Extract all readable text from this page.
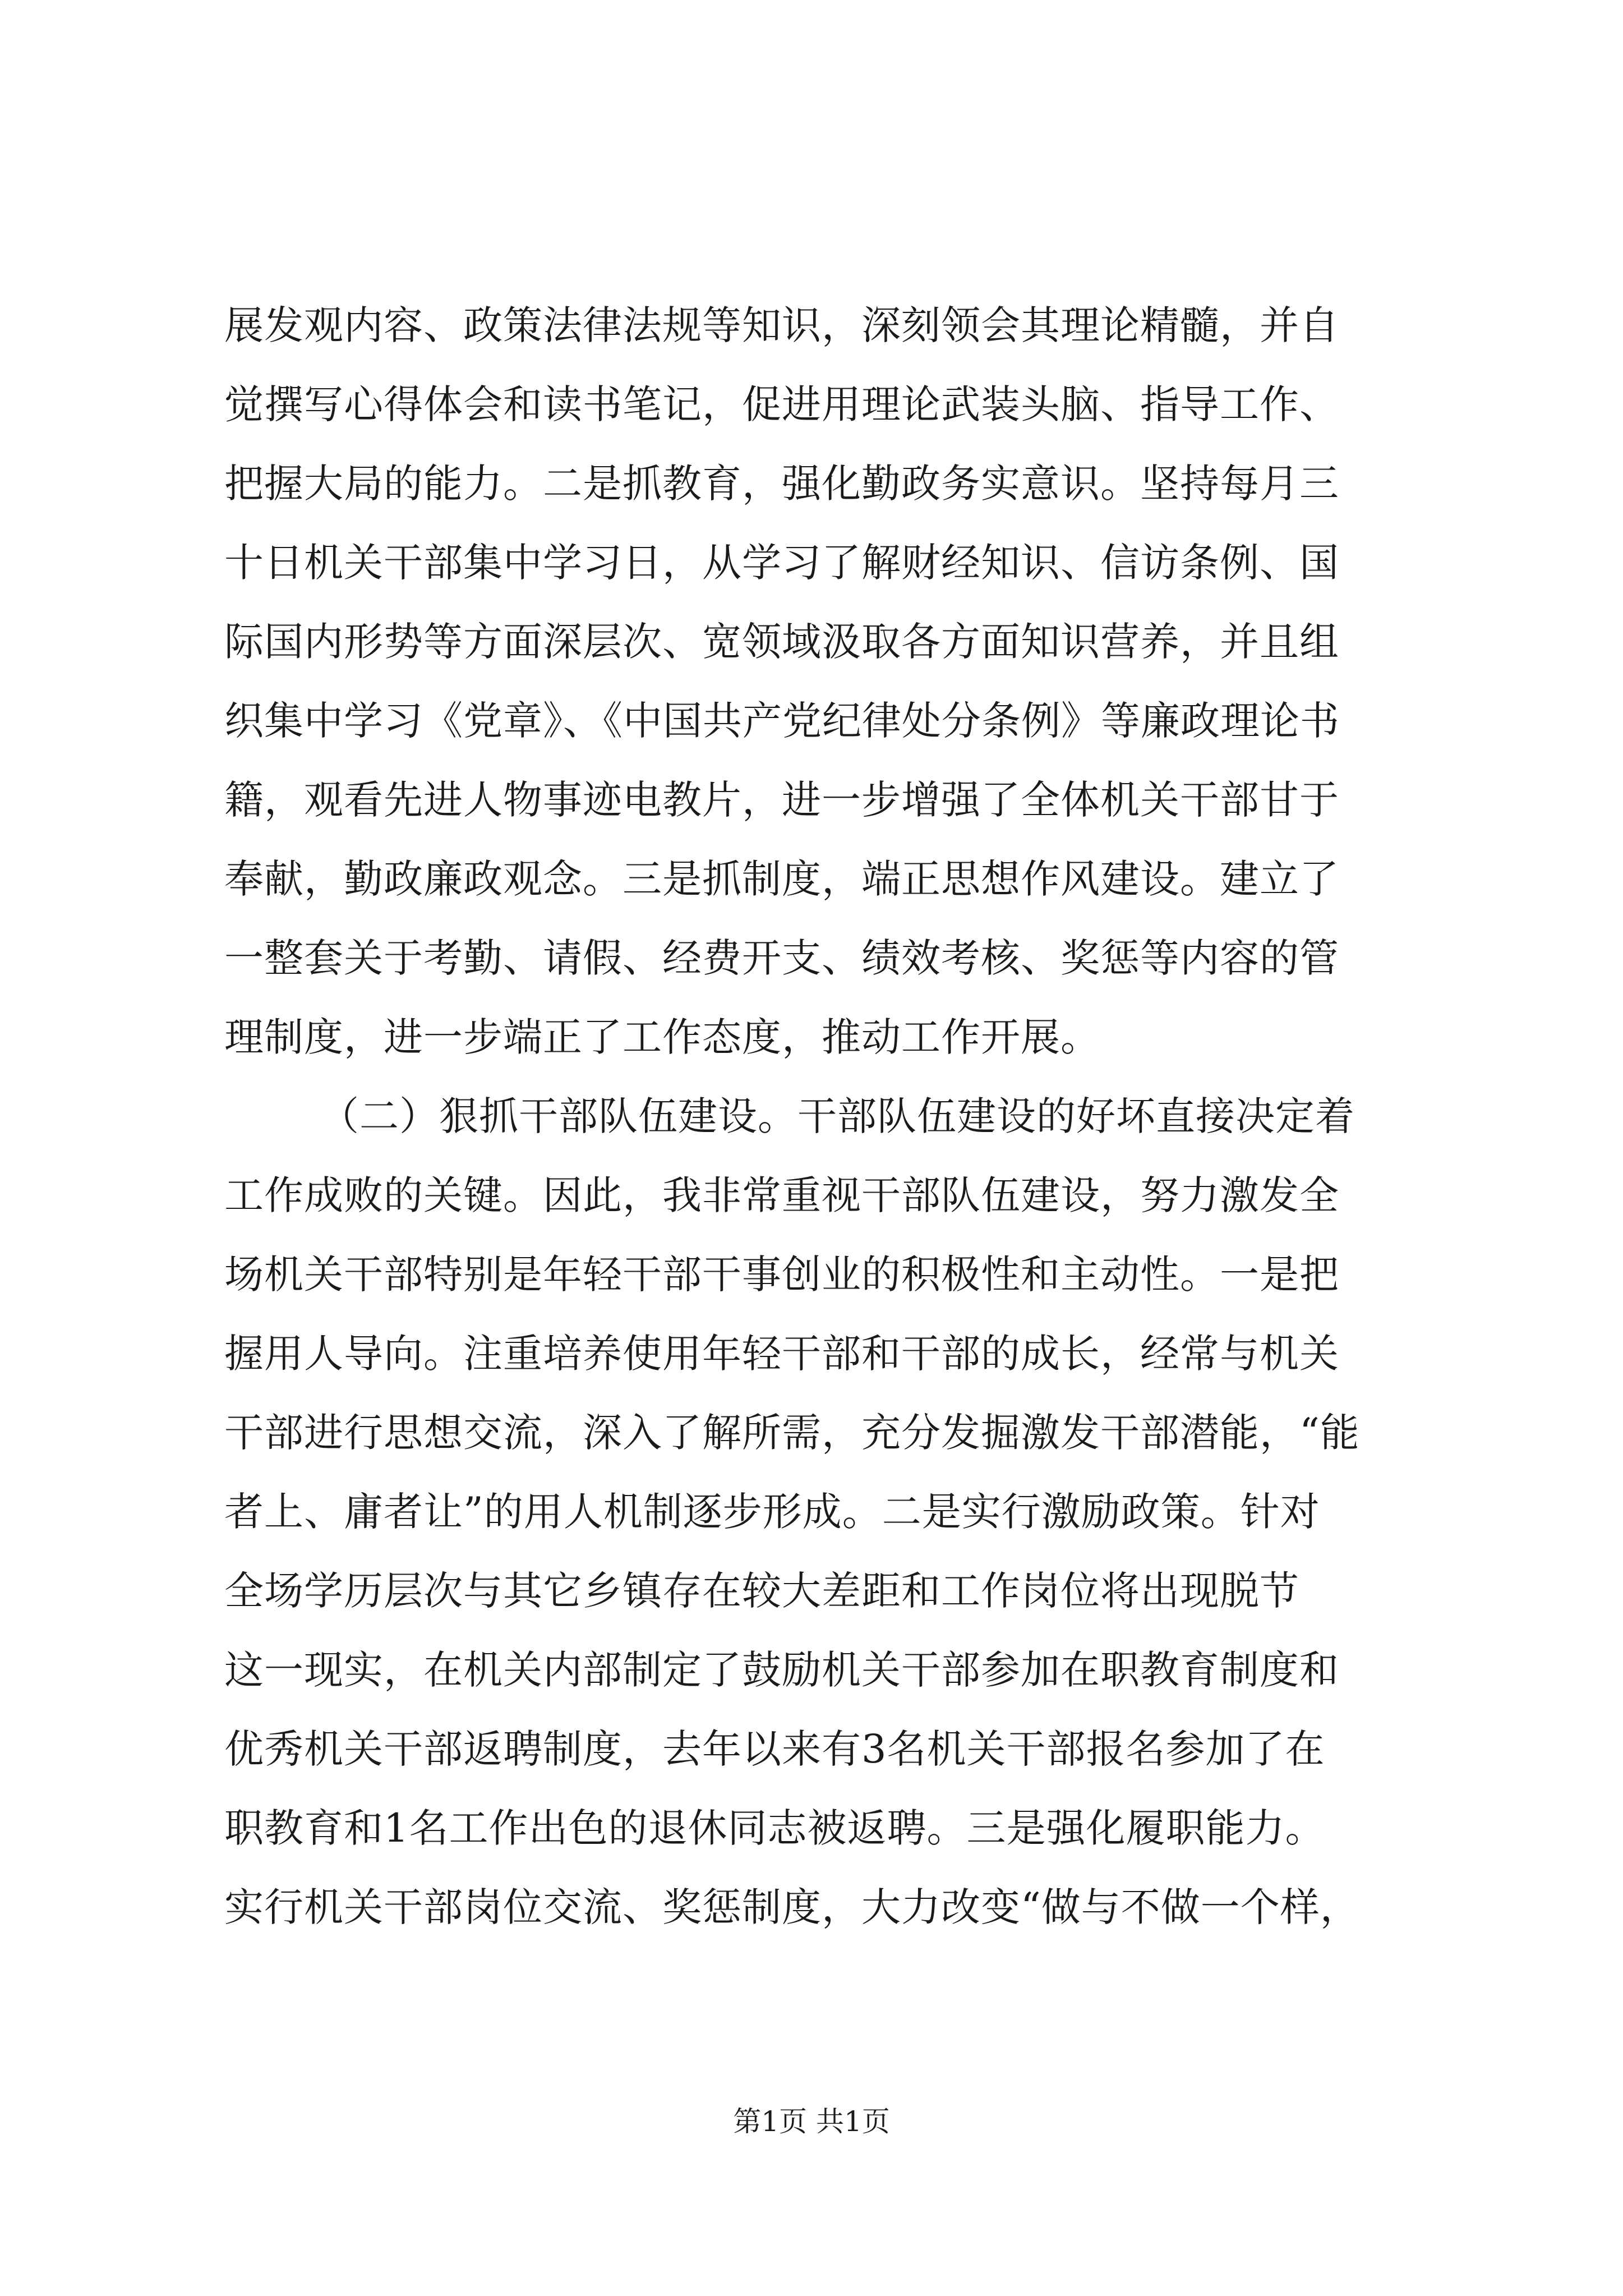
展发观内容、政策法律法规等知识，深刻领会其理论精髓，并自
觉撰写心得体会和读书笔记，促进用理论武装头脑、指导工作、
把握大局的能力。二是抓教育，强化勤政务实意识。坚持每月三
十日机关干部集中学习日，从学习了解财经知识、信访条例、国
际国内形势等方面深层次、宽领域汲取各方面知识营养，并且组
织集中学习《党章》、《中国共产党纪律处分条例》等廉政理论书
籍，观看先进人物事迹电教片，进一步增强了全体机关干部甘于
奉献，勤政廉政观念。三是抓制度，端正思想作风建设。建立了
一整套关于考勤、请假、经费开支、绩效考核、奖惩等内容的管
理制度，进一步端正了工作态度，推动工作开展。
（二）狠抓干部队伍建设。干部队伍建设的好坏直接决定着
工作成败的关键。因此，我非常重视干部队伍建设，努力激发全
场机关干部特别是年轻干部干事创业的积极性和主动性。一是把
握用人导向。注重培养使用年轻干部和干部的成长，经常与机关
干部进行思想交流，深入了解所需，充分发掘激发干部潜能，“能
者上、庸者让”的用人机制逐步形成。二是实行激励政策。针对
全场学历层次与其它乡镇存在较大差距和工作岗位将出现脱节
这一现实，在机关内部制定了鼓励机关干部参加在职教育制度和
优秀机关干部返聘制度，去年以来有3名机关干部报名参加了在
职教育和1名工作出色的退休同志被返聘。三是强化履职能力。
实行机关干部岗位交流、奖惩制度，大力改变“做与不做一个样，
第1页 共1页
